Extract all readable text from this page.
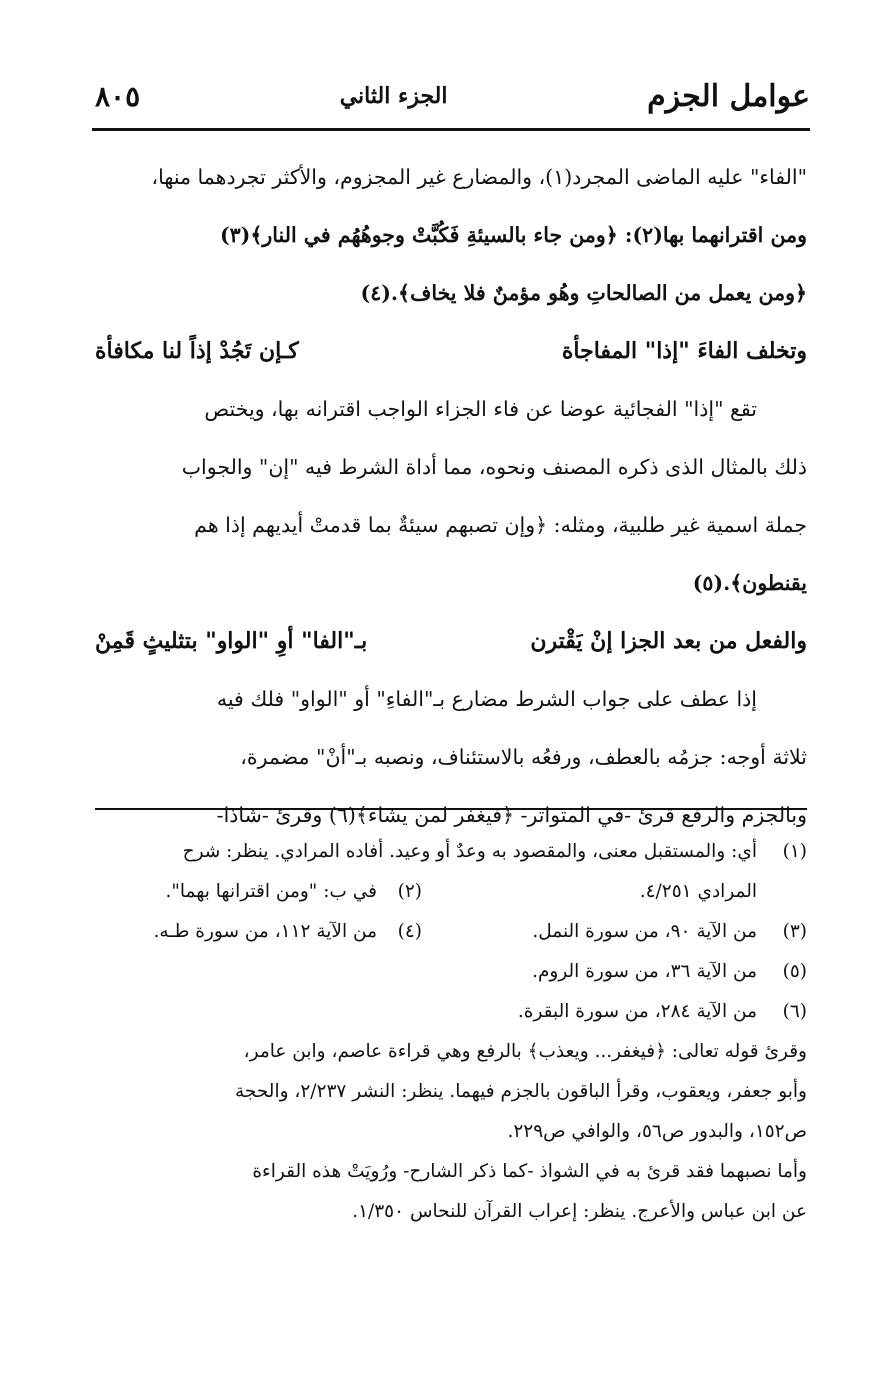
عوامل الجزم
الجزء الثاني
٨٠٥
"الفاء" عليه الماضى المجرد(١)، والمضارع غير المجزوم، والأكثر تجردهما منها،
ومن اقترانهما بها(٢): ﴿ومن جاء بالسيئةِ فَكُبَّتْ وجوهُهُم في النار﴾(٣)
﴿ومن يعمل من الصالحاتِ وهُو مؤمنٌ فلا يخاف﴾.(٤)
وتخلف الفاءَ "إذا" المفاجأة
كـإن تَجُدْ إذاً لنا مكافأة
تقع "إذا" الفجائية عوضا عن فاء الجزاء الواجب اقترانه بها، ويختص
ذلك بالمثال الذى ذكره المصنف ونحوه، مما أداة الشرط فيه "إن" والجواب
جملة اسمية غير طلبية، ومثله: ﴿وإن تصبهم سيئةٌ بما قدمتْ أيديهم إذا هم
يقنطون﴾.(٥)
والفعل من بعد الجزا إنْ يَقْترن
بـ"الفا" أوِ "الواو" بتثليثٍ قَمِنْ
إذا عطف على جواب الشرط مضارع بـ"الفاءِ" أو "الواو" فلك فيه
ثلاثة أوجه: جزمُه بالعطف، ورفعُه بالاستئناف، ونصبه بـ"أنْ" مضمرة،
وبالجزم والرفع قرئ -في المتواتر- ﴿فيغفر لمن يشاء﴾(٦) وقرئ -شاذا-
(١)
أي: والمستقبل معنى، والمقصود به وعدٌ أو وعيد. أفاده المرادي. ينظر: شرح
المرادي ٤/٢٥١.
(٢)
في ب: "ومن اقترانها بهما".
(٣)
من الآية ٩٠، من سورة النمل.
(٤)
من الآية ١١٢، من سورة طـه.
(٥)
من الآية ٣٦، من سورة الروم.
(٦)
من الآية ٢٨٤، من سورة البقرة.
وقرئ قوله تعالى: ﴿فيغفر... ويعذب﴾ بالرفع وهي قراءة عاصم، وابن عامر،
وأبو جعفر، ويعقوب، وقرأ الباقون بالجزم فيهما. ينظر: النشر ٢/٢٣٧، والحجة
ص١٥٢، والبدور ص٥٦، والوافي ص٢٢٩.
وأما نصبهما فقد قرئ به في الشواذ -كما ذكر الشارح- ورُويَتْ هذه القراءة
عن ابن عباس والأعرج. ينظر: إعراب القرآن للنحاس ١/٣٥٠.
